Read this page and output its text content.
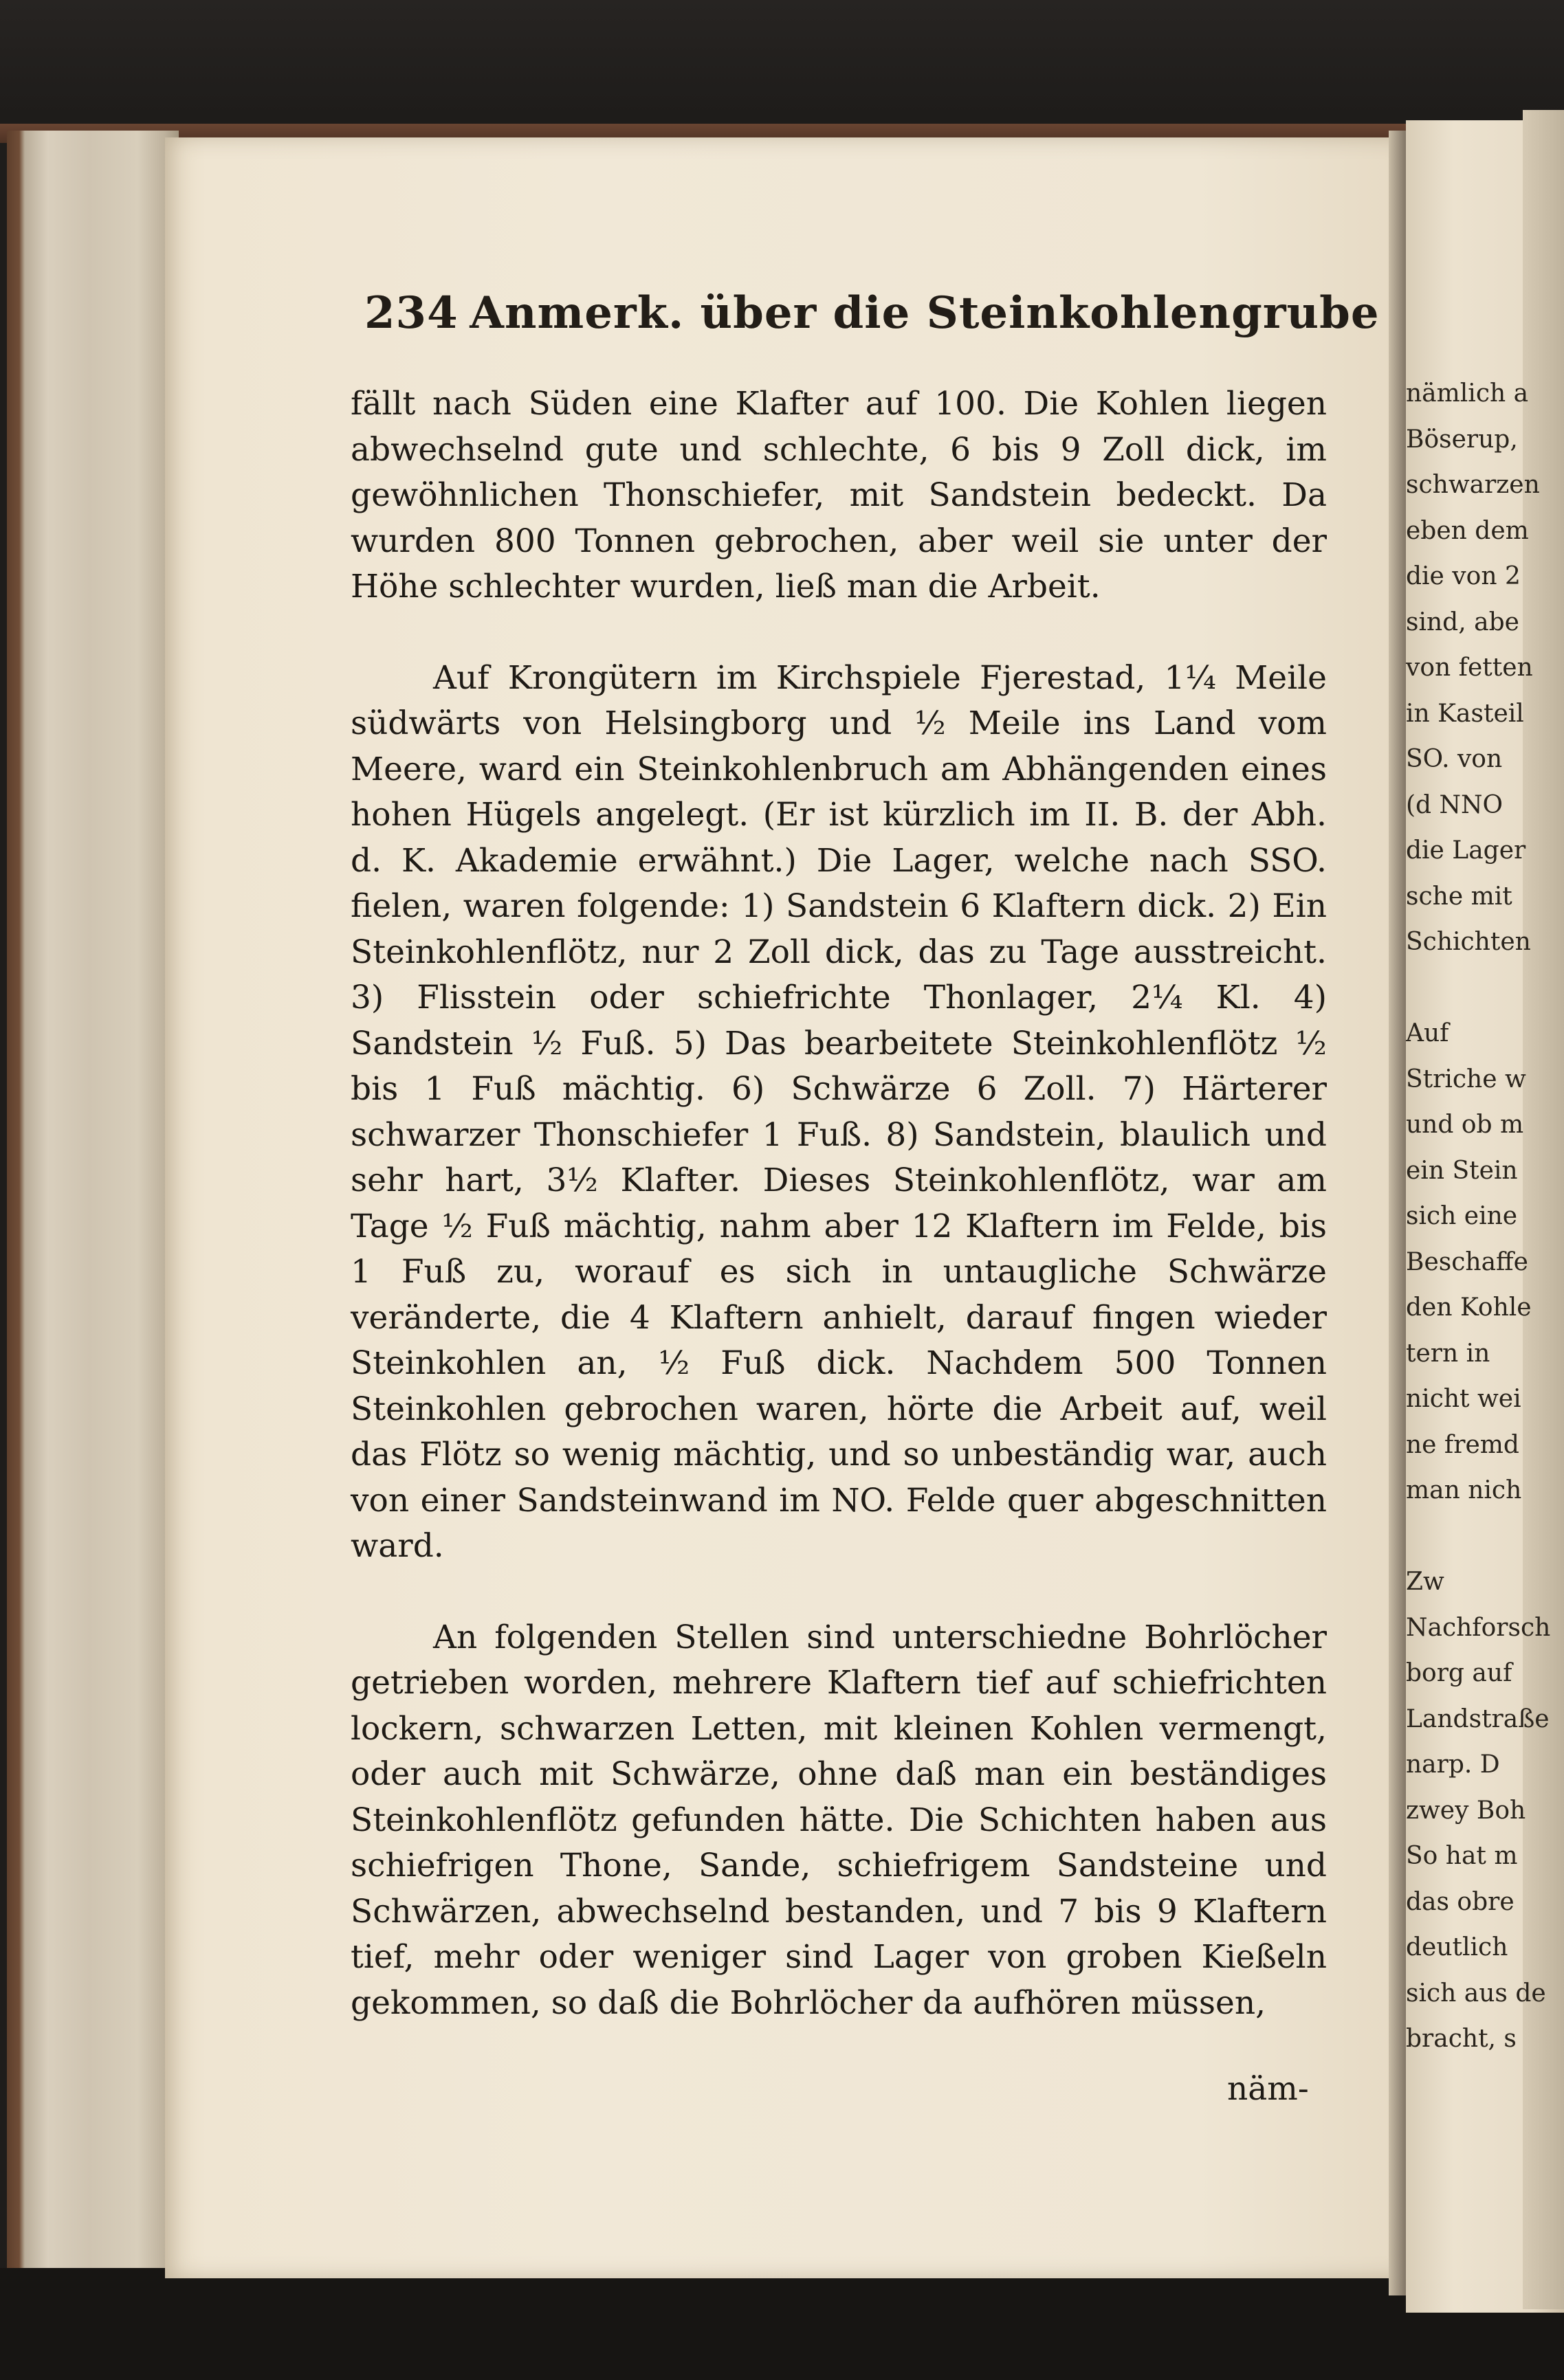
234 Anmerk. über die Steinkohlengrube

fällt nach Süden eine Klafter auf 100. Die Kohlen liegen abwechselnd gute und schlechte, 6 bis 9 Zoll dick, im gewöhnlichen Thonschiefer, mit Sandstein bedeckt. Da wurden 800 Tonnen gebrochen, aber weil sie unter der Höhe schlechter wurden, ließ man die Arbeit.

Auf Krongütern im Kirchspiele Fjerestad, 1¼ Meile südwärts von Helsingborg und ½ Meile ins Land vom Meere, ward ein Steinkohlenbruch am Abhängenden eines hohen Hügels angelegt. (Er ist kürzlich im II. B. der Abh. d. K. Akademie erwähnt.) Die Lager, welche nach SSO. fielen, waren folgende: 1) Sandstein 6 Klaftern dick. 2) Ein Steinkohlenflötz, nur 2 Zoll dick, das zu Tage ausstreicht. 3) Flisstein oder schiefrichte Thonlager, 2¼ Kl. 4) Sandstein ½ Fuß. 5) Das bearbeitete Steinkohlenflötz ½ bis 1 Fuß mächtig. 6) Schwärze 6 Zoll. 7) Härterer schwarzer Thonschiefer 1 Fuß. 8) Sandstein, blaulich und sehr hart, 3½ Klafter. Dieses Steinkohlenflötz, war am Tage ½ Fuß mächtig, nahm aber 12 Klaftern im Felde, bis 1 Fuß zu, worauf es sich in untaugliche Schwärze veränderte, die 4 Klaftern anhielt, darauf fingen wieder Steinkohlen an, ½ Fuß dick. Nachdem 500 Tonnen Steinkohlen gebrochen waren, hörte die Arbeit auf, weil das Flötz so wenig mächtig, und so unbeständig war, auch von einer Sandsteinwand im NO. Felde quer abgeschnitten ward.

An folgenden Stellen sind unterschiedne Bohrlöcher getrieben worden, mehrere Klaftern tief auf schiefrichten lockern, schwarzen Letten, mit kleinen Kohlen vermengt, oder auch mit Schwärze, ohne daß man ein beständiges Steinkohlenflötz gefunden hätte. Die Schichten haben aus schiefrigen Thone, Sande, schiefrigem Sandsteine und Schwärzen, abwechselnd bestanden, und 7 bis 9 Klaftern tief, mehr oder weniger sind Lager von groben Kießeln gekommen, so daß die Bohrlöcher da aufhören müssen,

näm-
nämlich a
Böserup,
schwarzen
eben dem
die von 2
sind, abe
von fetten
in Kasteil
SO. von
(d NNO
die Lager
sche mit
Schichten
Auf
Striche w
und ob m
ein Stein
sich eine
Beschaffe
den Kohle
tern in
nicht wei
ne fremd
man nich
Zw
Nachforsch
borg auf
Landstraße
narp. D
zwey Boh
So hat m
das obre
deutlich
sich aus de
bracht, s
